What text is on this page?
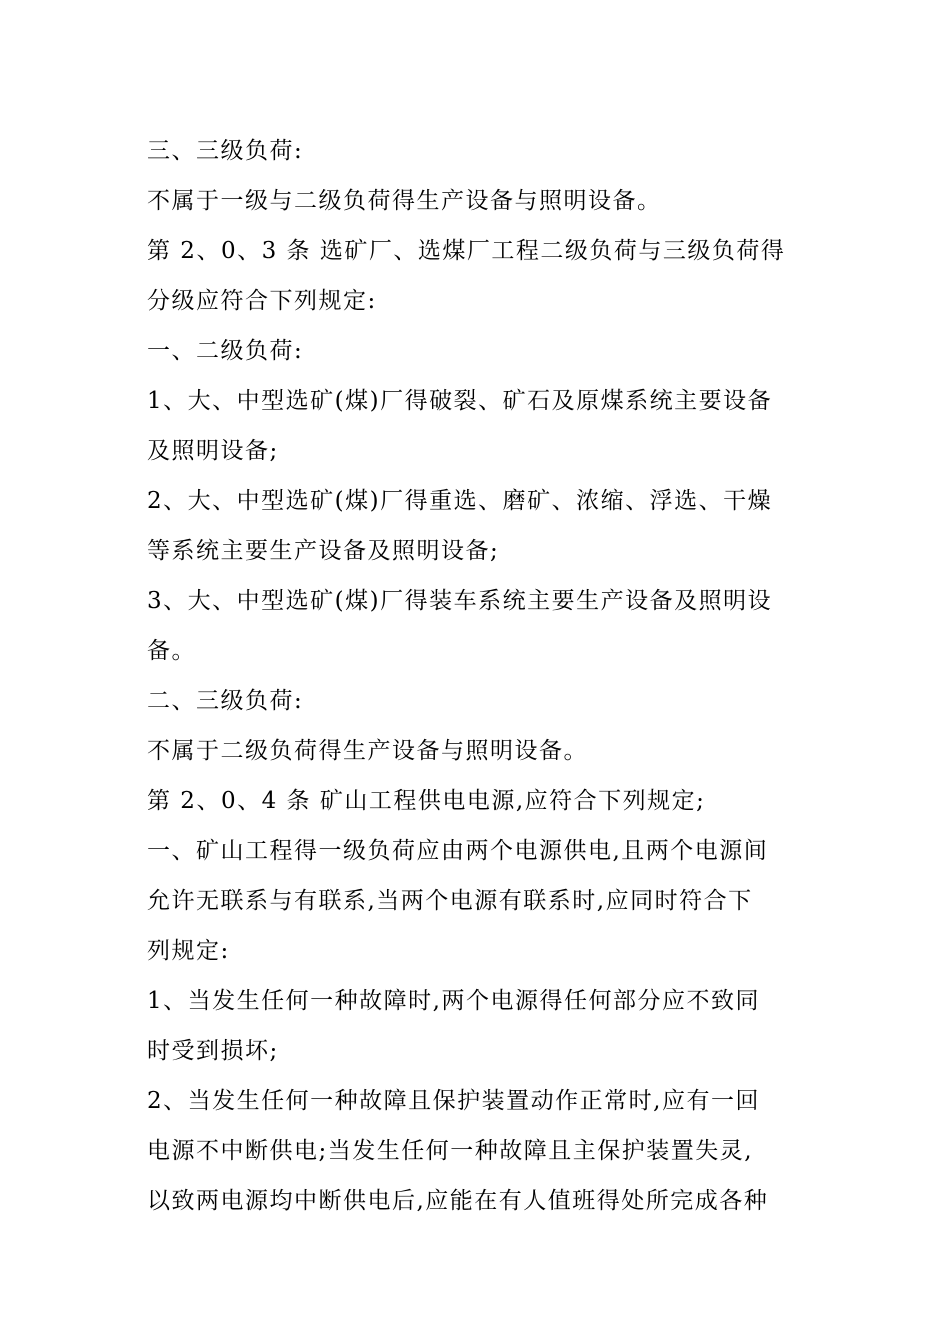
三、三级负荷:
不属于一级与二级负荷得生产设备与照明设备。
第 2、0、3 条 选矿厂、选煤厂工程二级负荷与三级负荷得
分级应符合下列规定:
一、二级负荷:
1、大、中型选矿(煤)厂得破裂、矿石及原煤系统主要设备
及照明设备;
2、大、中型选矿(煤)厂得重选、磨矿、浓缩、浮选、干燥
等系统主要生产设备及照明设备;
3、大、中型选矿(煤)厂得装车系统主要生产设备及照明设
备。
二、三级负荷:
不属于二级负荷得生产设备与照明设备。
第 2、0、4 条 矿山工程供电电源,应符合下列规定;
一、矿山工程得一级负荷应由两个电源供电,且两个电源间
允许无联系与有联系,当两个电源有联系时,应同时符合下
列规定:
1、当发生任何一种故障时,两个电源得任何部分应不致同
时受到损坏;
2、当发生任何一种故障且保护装置动作正常时,应有一回
电源不中断供电;当发生任何一种故障且主保护装置失灵,
以致两电源均中断供电后,应能在有人值班得处所完成各种
